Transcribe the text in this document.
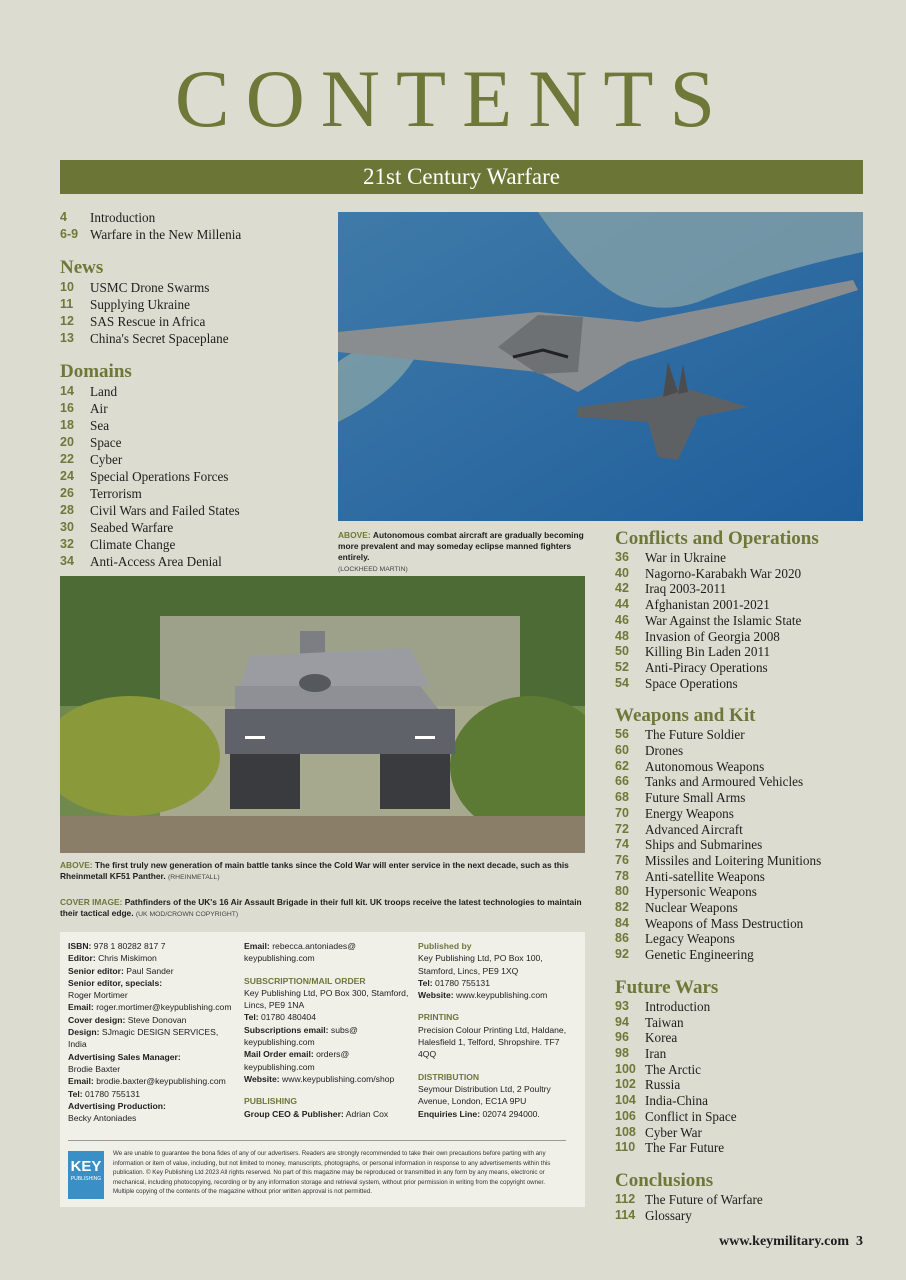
CONTENTS
21st Century Warfare
4	Introduction
6-9 Warfare in the New Millenia
News
10	USMC Drone Swarms
11	Supplying Ukraine
12	SAS Rescue in Africa
13	China's Secret Spaceplane
Domains
14	Land
16	Air
18	Sea
20	Space
22	Cyber
24	Special Operations Forces
26	Terrorism
28	Civil Wars and Failed States
30	Seabed Warfare
32	Climate Change
34	Anti-Access Area Denial
ABOVE: Autonomous combat aircraft are gradually becoming more prevalent and may someday eclipse manned fighters entirely.
(LOCKHEED MARTIN)
ABOVE: The first truly new generation of main battle tanks since the Cold War will enter service in the next decade, such as this Rheinmetall KF51 Panther. (RHEINMETALL)
COVER IMAGE: Pathfinders of the UK's 16 Air Assault Brigade in their full kit. UK troops receive the latest technologies to maintain their tactical edge. (UK MOD/CROWN COPYRIGHT)
ISBN: 978 1 80282 817 7
Editor: Chris Miskimon
Senior editor: Paul Sander
Senior editor, specials:
Roger Mortimer
Email: roger.mortimer@keypublishing.com
Cover design: Steve Donovan
Design: SJmagic DESIGN SERVICES, India
Advertising Sales Manager:
Brodie Baxter
Email: brodie.baxter@keypublishing.com
Tel: 01780 755131
Advertising Production:
Becky Antoniades
Email: rebecca.antoniades@ keypublishing.com
SUBSCRIPTION/MAIL ORDER
Key Publishing Ltd, PO Box 300, Stamford, Lincs, PE9 1NA
Tel: 01780 480404
Subscriptions email: subs@ keypublishing.com
Mail Order email: orders@ keypublishing.com
Website: www.keypublishing.com/shop
PUBLISHING
Group CEO & Publisher: Adrian Cox
Published by
Key Publishing Ltd, PO Box 100, Stamford, Lincs, PE9 1XQ
Tel: 01780 755131
Website: www.keypublishing.com
PRINTING
Precision Colour Printing Ltd, Haldane, Halesfield 1, Telford, Shropshire. TF7 4QQ
DISTRIBUTION
Seymour Distribution Ltd, 2 Poultry Avenue, London, EC1A 9PU
Enquiries Line: 02074 294000.
KEY
PUBLISHING
We are unable to guarantee the bona fides of any of our advertisers. Readers are strongly recommended to take their own precautions before parting with any information or item of value, including, but not limited to money, manuscripts, photographs, or personal information in response to any advertisements within this publication. © Key Publishing Ltd 2023 All rights reserved. No part of this magazine may be reproduced or transmitted in any form by any means, electronic or mechanical, including photocopying, recording or by any information storage and retrieval system, without prior permission in writing from the copyright owner. Multiple copying of the contents of the magazine without prior written approval is not permitted.
Conflicts and Operations
36	War in Ukraine
40	Nagorno-Karabakh War 2020
42	Iraq 2003-2011
44	Afghanistan 2001-2021
46	War Against the Islamic State
48	Invasion of Georgia 2008
50	Killing Bin Laden 2011
52	Anti-Piracy Operations
54	Space Operations
Weapons and Kit
56	The Future Soldier
60	Drones
62	Autonomous Weapons
66	Tanks and Armoured Vehicles
68	Future Small Arms
70	Energy Weapons
72	Advanced Aircraft
74	Ships and Submarines
76	Missiles and Loitering Munitions
78	Anti-satellite Weapons
80	Hypersonic Weapons
82	Nuclear Weapons
84	Weapons of Mass Destruction
86	Legacy Weapons
92	Genetic Engineering
Future Wars
93	Introduction
94	Taiwan
96	Korea
98	Iran
100 The Arctic
102 Russia
104 India-China
106 Conflict in Space
108 Cyber War
110 The Far Future
Conclusions
112 The Future of Warfare
114 Glossary
www.keymilitary.com 3
